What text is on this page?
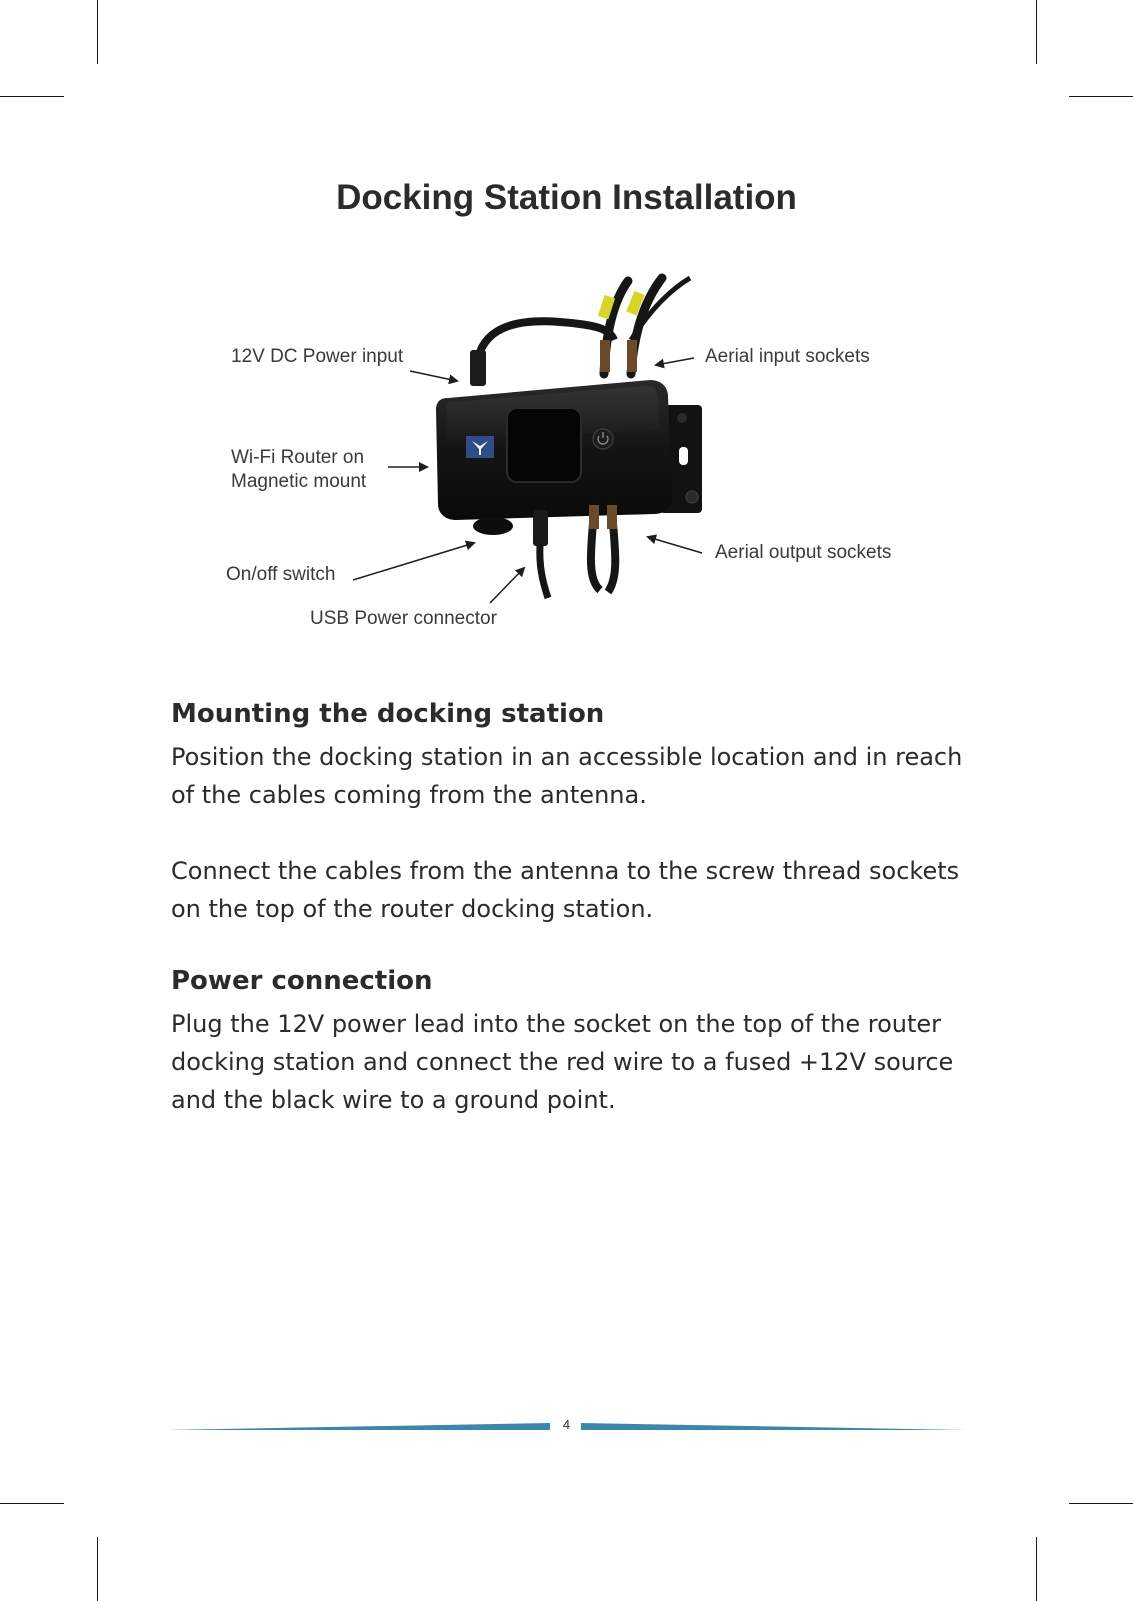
Docking Station Installation
12V DC Power input
Wi-Fi Router on
Magnetic mount
On/off switch
USB Power connector
Aerial input sockets
Aerial output sockets
Mounting the docking station

Position the docking station in an accessible location and in reach of the cables coming from the antenna.

Connect the cables from the antenna to the screw thread sockets on the top of the router docking station.

Power connection

Plug the 12V power lead into the socket on the top of the router docking station and connect the red wire to a fused +12V source and the black wire to a ground point.

4
